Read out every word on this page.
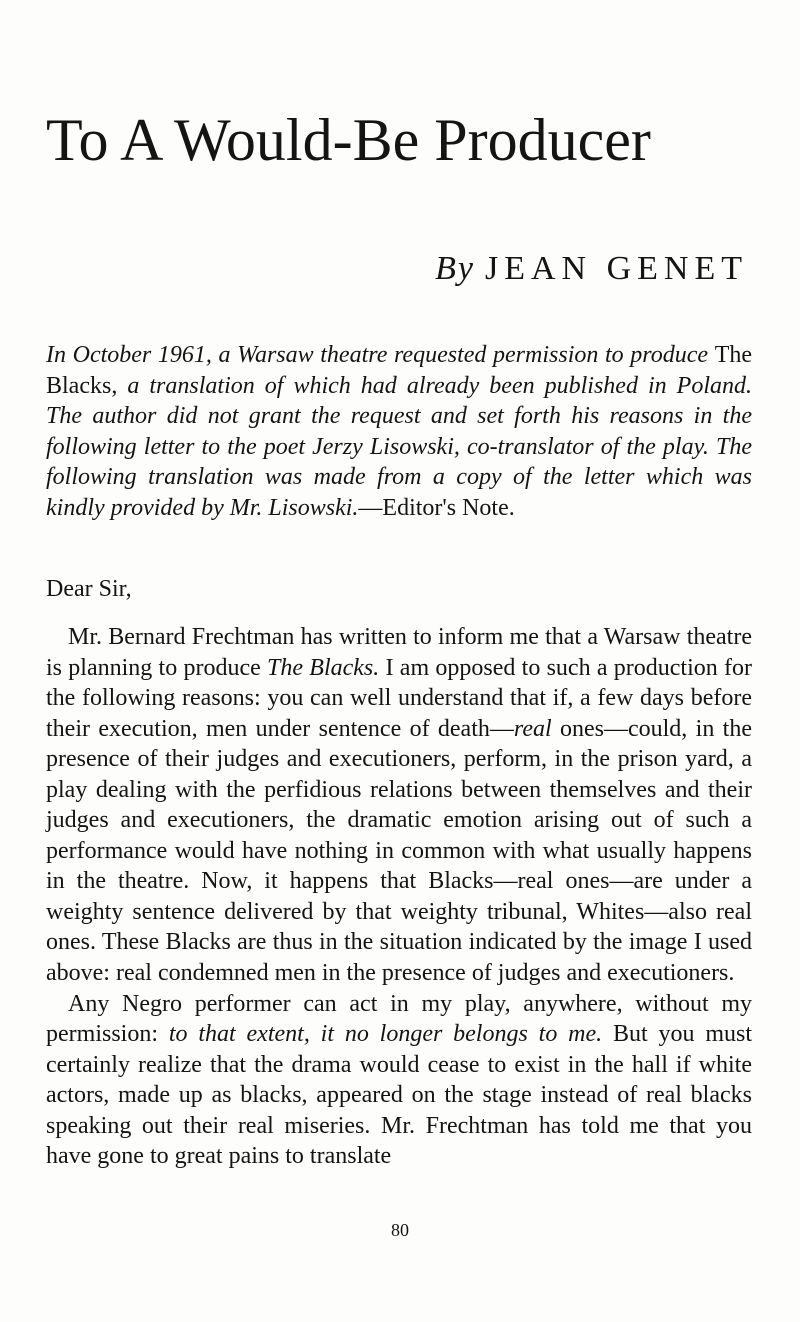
To A Would-Be Producer
By JEAN GENET

In October 1961, a Warsaw theatre requested permission to produce The Blacks, a translation of which had already been published in Poland. The author did not grant the request and set forth his reasons in the following letter to the poet Jerzy Lisowski, co-translator of the play. The following translation was made from a copy of the letter which was kindly provided by Mr. Lisowski.—Editor's Note.

Dear Sir,

Mr. Bernard Frechtman has written to inform me that a Warsaw theatre is planning to produce The Blacks. I am opposed to such a production for the following reasons: you can well understand that if, a few days before their execution, men under sentence of death—real ones—could, in the presence of their judges and executioners, perform, in the prison yard, a play dealing with the perfidious relations between themselves and their judges and executioners, the dramatic emotion arising out of such a performance would have nothing in common with what usually happens in the theatre. Now, it happens that Blacks—real ones—are under a weighty sentence delivered by that weighty tribunal, Whites—also real ones. These Blacks are thus in the situation indicated by the image I used above: real condemned men in the presence of judges and executioners.

Any Negro performer can act in my play, anywhere, without my permission: to that extent, it no longer belongs to me. But you must certainly realize that the drama would cease to exist in the hall if white actors, made up as blacks, appeared on the stage instead of real blacks speaking out their real miseries. Mr. Frechtman has told me that you have gone to great pains to translate

80
